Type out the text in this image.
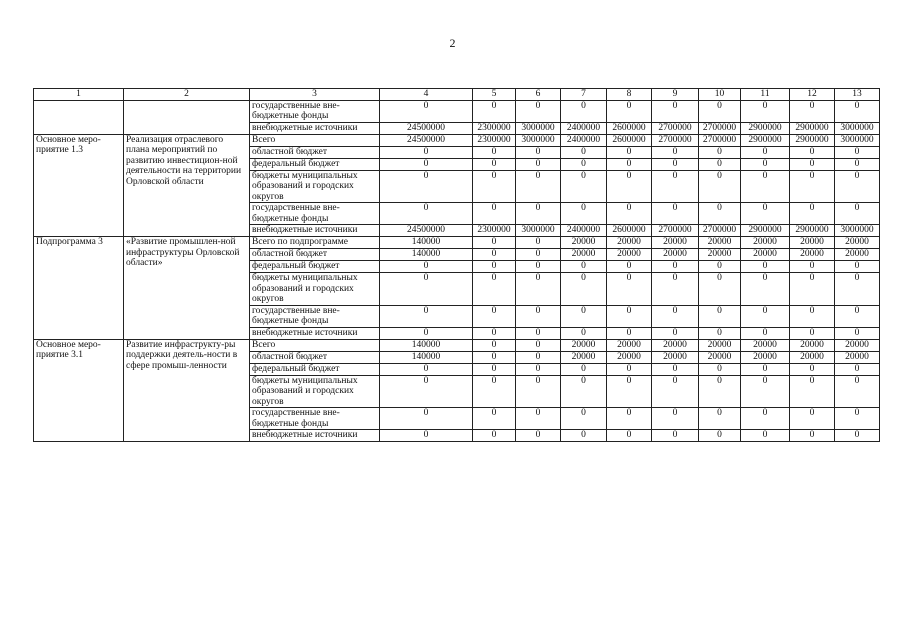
2
1	2	3	4	5	6	7	8	9	10	11	12	13
		государственные вне-бюджетные фонды	0	0	0	0	0	0	0	0	0	0
		внебюджетные источники	24500000	2300000	3000000	2400000	2600000	2700000	2700000	2900000	2900000	3000000
Основное меро-приятие 1.3	Реализация отраслевого плана мероприятий по развитию инвестицион-ной деятельности на территории Орловской области	Всего	24500000	2300000	3000000	2400000	2600000	2700000	2700000	2900000	2900000	3000000
		областной бюджет	0	0	0	0	0	0	0	0	0	0
		федеральный бюджет	0	0	0	0	0	0	0	0	0	0
		бюджеты муниципальных образований и городских округов	0	0	0	0	0	0	0	0	0	0
		государственные вне-бюджетные фонды	0	0	0	0	0	0	0	0	0	0
		внебюджетные источники	24500000	2300000	3000000	2400000	2600000	2700000	2700000	2900000	2900000	3000000
Подпрограмма 3	«Развитие промышлен-ной инфраструктуры Орловской области»	Всего по подпрограмме	140000	0	0	20000	20000	20000	20000	20000	20000	20000
		областной бюджет	140000	0	0	20000	20000	20000	20000	20000	20000	20000
		федеральный бюджет	0	0	0	0	0	0	0	0	0	0
		бюджеты муниципальных образований и городских округов	0	0	0	0	0	0	0	0	0	0
		государственные вне-бюджетные фонды	0	0	0	0	0	0	0	0	0	0
		внебюджетные источники	0	0	0	0	0	0	0	0	0	0
Основное меро-приятие 3.1	Развитие инфраструкту-ры поддержки деятель-ности в сфере промыш-ленности	Всего	140000	0	0	20000	20000	20000	20000	20000	20000	20000
		областной бюджет	140000	0	0	20000	20000	20000	20000	20000	20000	20000
		федеральный бюджет	0	0	0	0	0	0	0	0	0	0
		бюджеты муниципальных образований и городских округов	0	0	0	0	0	0	0	0	0	0
		государственные вне-бюджетные фонды	0	0	0	0	0	0	0	0	0	0
		внебюджетные источники	0	0	0	0	0	0	0	0	0	0
